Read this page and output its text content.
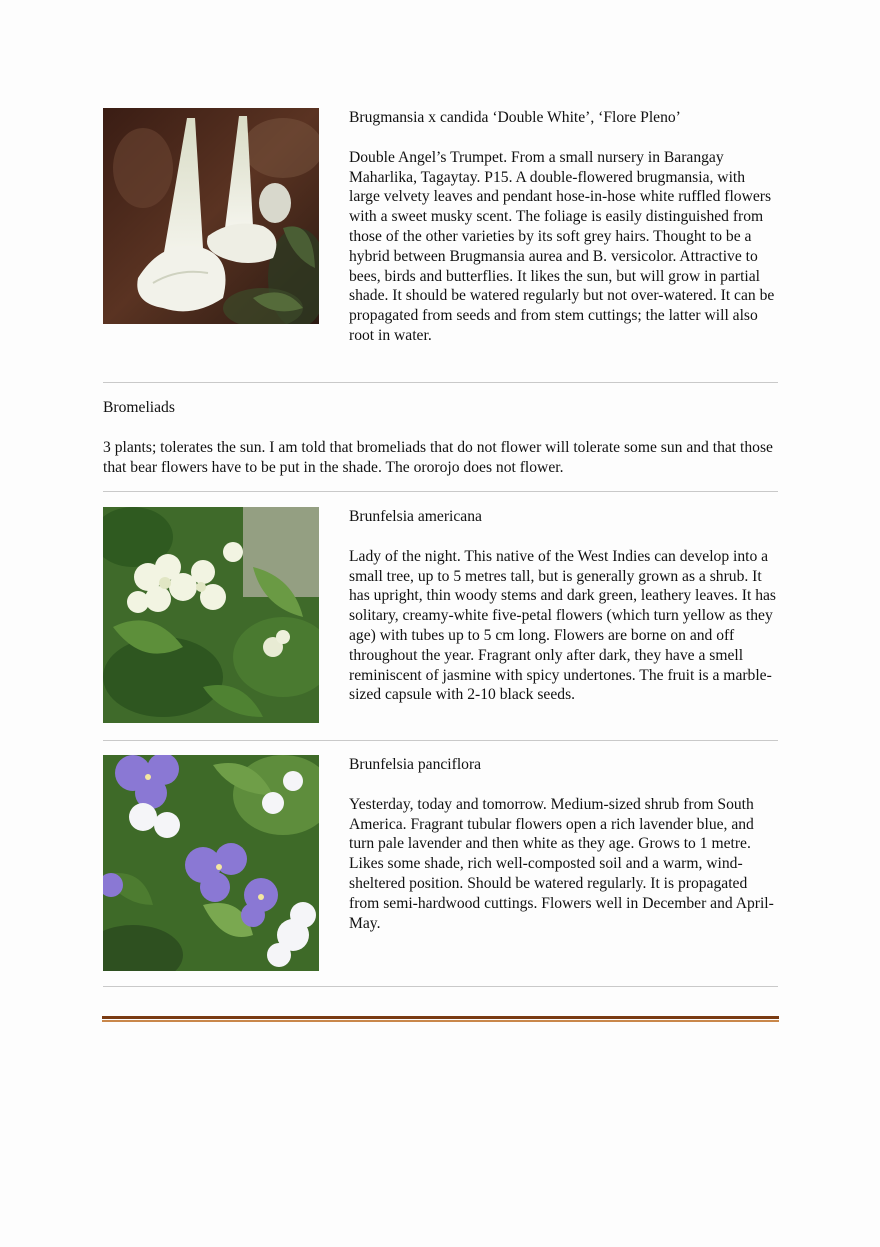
Brugmansia x candida ‘Double White’, ‘Flore Pleno’

Double Angel’s Trumpet. From a small nursery in Barangay Maharlika, Tagaytay. P15. A double-flowered brugmansia, with large velvety leaves and pendant hose-in-hose white ruffled flowers with a sweet musky scent. The foliage is easily distinguished from those of the other varieties by its soft grey hairs. Thought to be a hybrid between Brugmansia aurea and B. versicolor. Attractive to bees, birds and butterflies. It likes the sun, but will grow in partial shade. It should be watered regularly but not over-watered. It can be propagated from seeds and from stem cuttings; the latter will also root in water.

Bromeliads

3 plants; tolerates the sun. I am told that bromeliads that do not flower will tolerate some sun and that those that bear flowers have to be put in the shade. The ororojo does not flower.

Brunfelsia americana

Lady of the night. This native of the West Indies can develop into a small tree, up to 5 metres tall, but is generally grown as a shrub. It has upright, thin woody stems and dark green, leathery leaves. It has solitary, creamy-white five-petal flowers (which turn yellow as they age) with tubes up to 5 cm long. Flowers are borne on and off throughout the year. Fragrant only after dark, they have a smell reminiscent of jasmine with spicy undertones. The fruit is a marble-sized capsule with 2-10 black seeds.

Brunfelsia panciflora

Yesterday, today and tomorrow. Medium-sized shrub from South America. Fragrant tubular flowers open a rich lavender blue, and turn pale lavender and then white as they age. Grows to 1 metre. Likes some shade, rich well-composted soil and a warm, wind-sheltered position. Should be watered regularly. It is propagated from semi-hardwood cuttings. Flowers well in December and April-May.
